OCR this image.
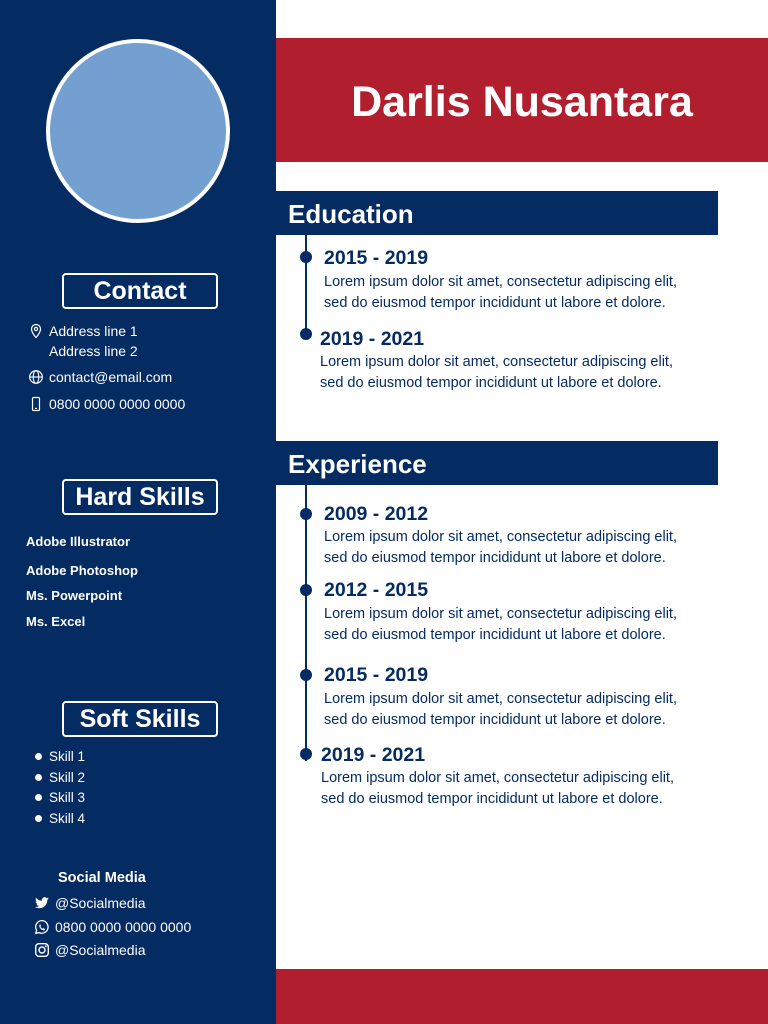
Contact
Address line 1
Address line 2
contact@email.com
0800 0000 0000 0000
Hard Skills
Adobe Illustrator
Adobe Photoshop
Ms. Powerpoint
Ms. Excel
Soft Skills
Skill 1
Skill 2
Skill 3
Skill 4
Social Media
@Socialmedia
0800 0000 0000 0000
@Socialmedia
Darlis Nusantara
Education
2015 - 2019
Lorem ipsum dolor sit amet, consectetur adipiscing elit,
sed do eiusmod tempor incididunt ut labore et dolore.
2019 - 2021
Lorem ipsum dolor sit amet, consectetur adipiscing elit,
sed do eiusmod tempor incididunt ut labore et dolore.
Experience
2009 - 2012
Lorem ipsum dolor sit amet, consectetur adipiscing elit,
sed do eiusmod tempor incididunt ut labore et dolore.
2012 - 2015
Lorem ipsum dolor sit amet, consectetur adipiscing elit,
sed do eiusmod tempor incididunt ut labore et dolore.
2015 - 2019
Lorem ipsum dolor sit amet, consectetur adipiscing elit,
sed do eiusmod tempor incididunt ut labore et dolore.
2019 - 2021
Lorem ipsum dolor sit amet, consectetur adipiscing elit,
sed do eiusmod tempor incididunt ut labore et dolore.
